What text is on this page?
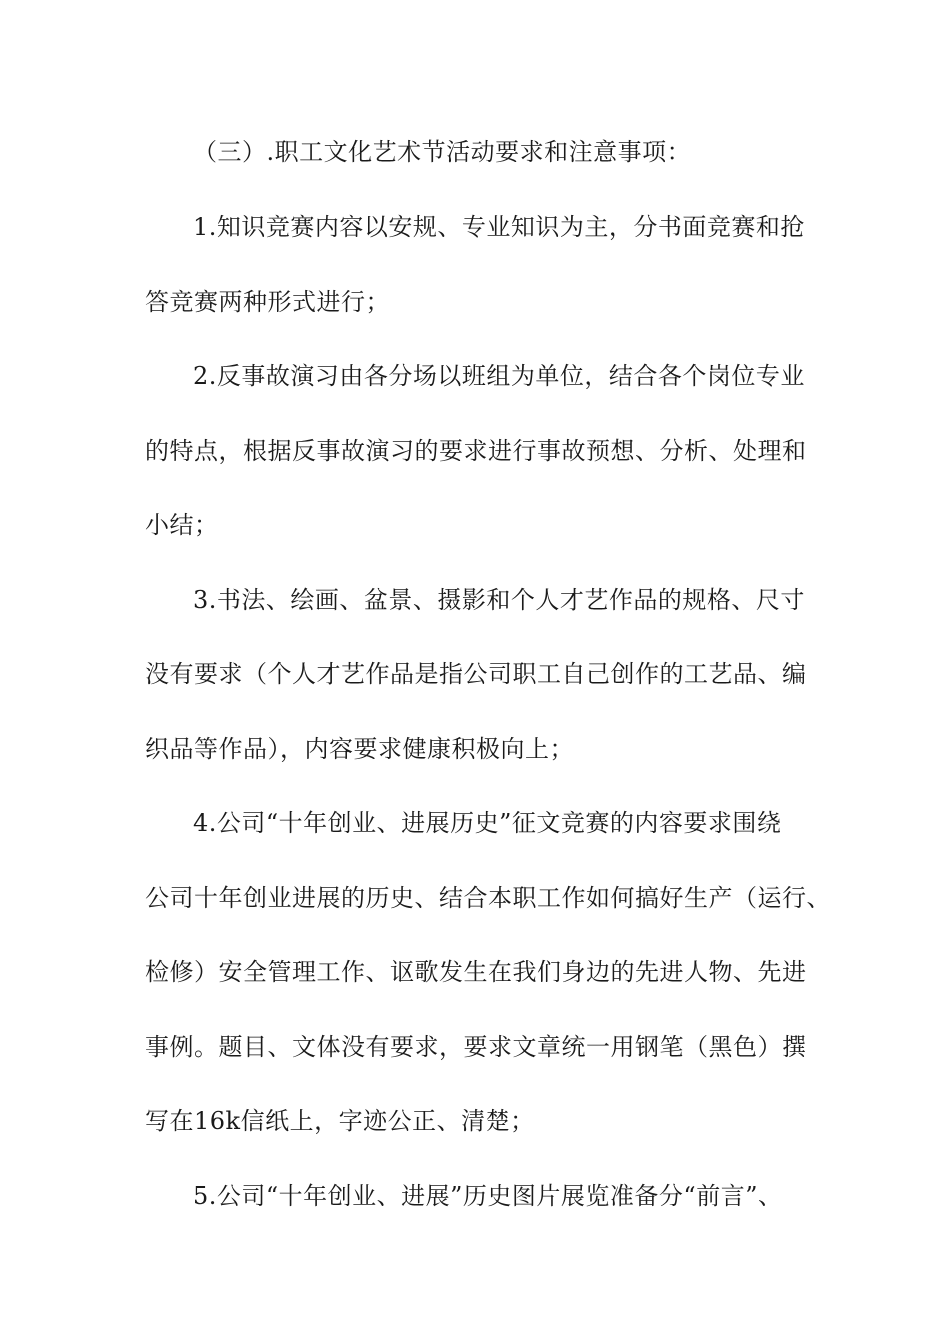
（三）.职工文化艺术节活动要求和注意事项：
1.知识竞赛内容以安规、专业知识为主，分书面竞赛和抢
答竞赛两种形式进行；
2.反事故演习由各分场以班组为单位，结合各个岗位专业
的特点，根据反事故演习的要求进行事故预想、分析、处理和
小结；
3.书法、绘画、盆景、摄影和个人才艺作品的规格、尺寸
没有要求（个人才艺作品是指公司职工自己创作的工艺品、编
织品等作品），内容要求健康积极向上；
4.公司“十年创业、进展历史”征文竞赛的内容要求围绕
公司十年创业进展的历史、结合本职工作如何搞好生产（运行、
检修）安全管理工作、讴歌发生在我们身边的先进人物、先进
事例。题目、文体没有要求，要求文章统一用钢笔（黑色）撰
写在16k信纸上，字迹公正、清楚；
5.公司“十年创业、进展”历史图片展览准备分“前言”、
